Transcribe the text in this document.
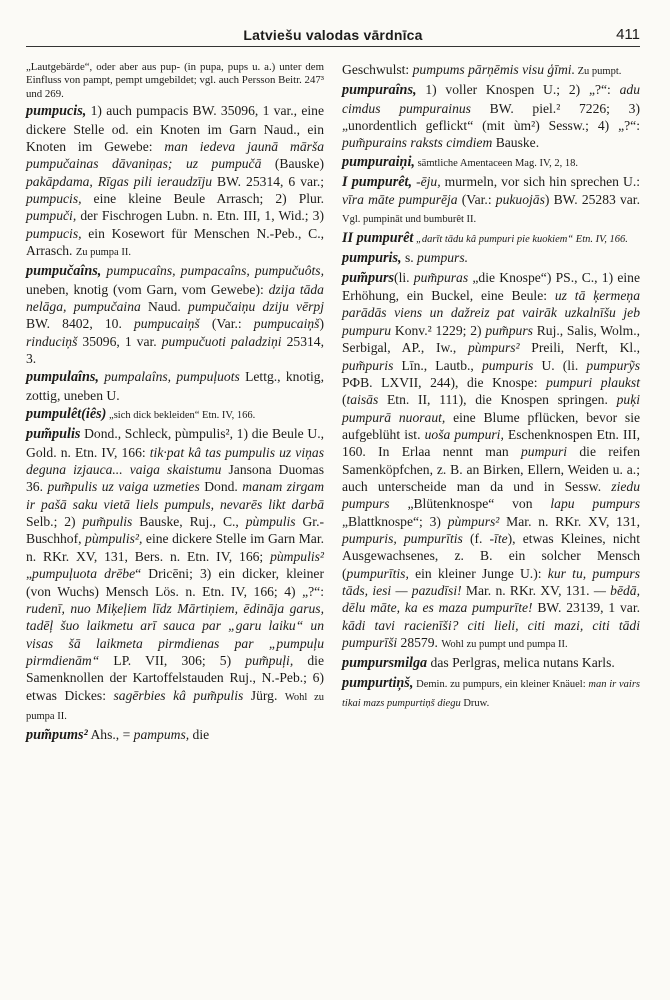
Latviešu valodas vārdnīca	411

„Lautgebärde“, oder aber aus pup- (in pupa, pups u. a.) unter dem Einfluss von pampt, pempt umgebildet; vgl. auch Persson Beitr. 247³ und 269.

pumpucis, 1) auch pumpacis BW. 35096, 1 var., eine dickere Stelle od. ein Knoten im Garn Naud., ein Knoten im Gewebe: man iedeva jaunā mārša pumpučainas dāvaniņas; uz pumpučā (Bauske) pakāpdama, Rīgas pili ieraudzīju BW. 25314, 6 var.; pumpucis, eine kleine Beule Arrasch; 2) Plur. pumpuči, der Fischrogen Lubn. n. Etn. III, 1, Wid.; 3) pumpucis, ein Kosewort für Menschen N.-Peb., C., Arrasch. Zu pumpa II.

pumpučaîns, pumpucaîns, pumpacaîns, pumpučuôts, uneben, knotig (vom Garn, vom Gewebe): dzija tāda nelāga, pumpučaina Naud. pumpučaiņu dziju vērpj BW. 8402, 10. pumpucaiņš (Var.: pumpucaiņš) rinduciņš 35096, 1 var. pumpučuoti paladziņi 25314, 3.

pumpulaîns, pumpalaîns, pumpuļuots Lettg., knotig, zottig, uneben U.

pumpulêt(iês) „sich dick bekleiden“ Etn. IV, 166.

pum̃pulis Dond., Schleck, pùmpulis², 1) die Beule U., Gold. n. Etn. IV, 166: tik·pat kâ tas pumpulis uz viņas degunа izjauca... vaiga skaistumu Jansona Duomas 36. pum̃pulis uz vaiga uzmeties Dond. manam zirgam ir pašā saku vietā liels pumpuls, nevarēs likt darbā Selb.; 2) pum̃pulis Bauske, Ruj., C., pùmpulis Gr.-Buschhof, pùmpulis², eine dickere Stelle im Garn Mar. n. RKr. XV, 131, Bers. n. Etn. IV, 166; pùmpulis² „pumpuļuota drēbe“ Dricēni; 3) ein dicker, kleiner (von Wuchs) Mensch Lös. n. Etn. IV, 166; 4) „?“: rudenī, nuo Miķeļiem līdz Mārtiņiem, ēdināja garus, tadēļ šuo laikmetu arī sauca par „garu laiku“ un visas šā laikmeta pirmdienas par „pumpuļu pirmdienām“ LP. VII, 306; 5) pum̃puļi, die Samenknollen der Kartoffelstauden Ruj., N.-Peb.; 6) etwas Dickes: sagērbies kâ pum̃pulis Jürg. Wohl zu pumpa II.

pum̃pums² Ahs., = pampums, die

Geschwulst: pumpums pārņēmis visu ģīmi. Zu pumpt.

pumpuraîns, 1) voller Knospen U.; 2) „?“: adu cimdus pumpurainus BW. piel.² 7226; 3) „unordentlich geflickt“ (mit ùm²) Sessw.; 4) „?“: pum̃purains raksts cimdiem Bauske.

pumpuraiņi, sämtliche Amentaceen Mag. IV, 2, 18.

I pumpurêt, -ēju, murmeln, vor sich hin sprechen U.: vīra māte pumpurēja (Var.: pukuojās) BW. 25283 var. Vgl. pumpināt und bumburêt II.

II pumpurêt „darīt tādu kâ pumpuri pie kuokiem“ Etn. IV, 166.

pumpuris, s. pumpurs.

pum̃purs(li. pum̃puras „die Knospe“) PS., C., 1) eine Erhöhung, ein Buckel, eine Beule: uz tā ķermeņa parādās viens un dažreiz pat vairāk uzkalnīšu jeb pumpuru Konv.² 1229; 2) pum̃purs Ruj., Salis, Wolm., Serbigal, AP., Iw., pùmpurs² Preili, Nerft, Kl., pum̃puris Līn., Lautb., pumpuris U. (li. pumpurỹs РФВ. LXVII, 244), die Knospe: pumpuri plaukst (taisās Etn. II, 111), die Knospen springen. puķi pumpurā nuoraut, eine Blume pflücken, bevor sie aufgeblüht ist. uoša pumpuri, Eschenknospen Etn. III, 160. In Erlaa nennt man pumpuri die reifen Samenköpfchen, z. B. an Birken, Ellern, Weiden u. a.; auch unterscheide man da und in Sessw. ziedu pumpurs „Blütenknospe“ von lapu pumpurs „Blattknospe“; 3) pùmpurs² Mar. n. RKr. XV, 131, pumpuris, pumpurītis (f. -īte), etwas Kleines, nicht Ausgewachsenes, z. B. ein solcher Mensch (pumpurītis, ein kleiner Junge U.): kur tu, pumpurs tāds, iesi — pazudīsi! Mar. n. RKr. XV, 131. — bēdā, dēlu māte, ka es maza pumpurīte! BW. 23139, 1 var. kādi tavi racienīši? citi lieli, citi mazi, citi tādi pumpurīši 28579. Wohl zu pumpt und pumpa II.

pumpursmilga das Perlgras, melica nutans Karls.

pumpurtiņš, Demin. zu pumpurs, ein kleiner Knäuel: man ir vairs tikai mazs pumpurtiņš diegu Druw.
